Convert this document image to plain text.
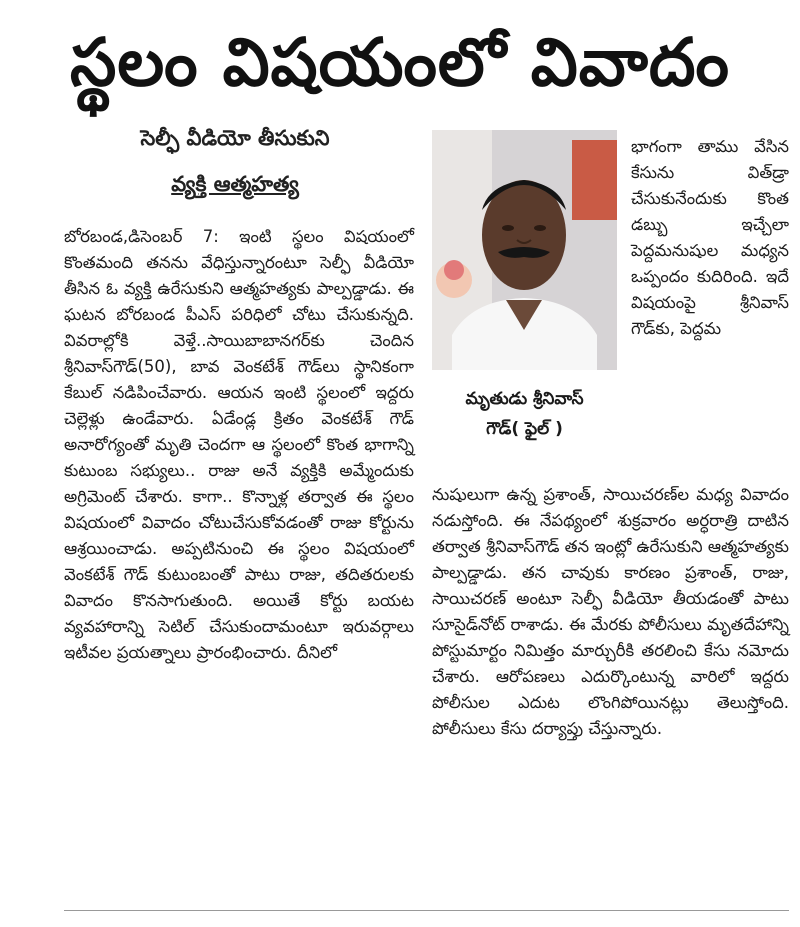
స్థలం విషయంలో వివాదం
సెల్ఫీ వీడియో తీసుకుని
వ్యక్తి ఆత్మహత్య

బోరబండ,డిసెంబర్ 7: ఇంటి స్థలం విషయంలో కొంతమంది తనను వేధిస్తున్నారంటూ సెల్ఫీ వీడియో తీసిన ఓ వ్యక్తి ఉరేసుకుని ఆత్మహత్యకు పాల్పడ్డాడు. ఈ ఘటన బోరబండ పీఎస్ పరిధిలో చోటు చేసుకున్నది. వివరాల్లోకి వెళ్తే..సాయిబాబానగర్‌కు చెందిన శ్రీనివాస్‌గౌడ్(50), బావ వెంకటేశ్ గౌడ్‌లు స్థానికంగా కేబుల్ నడిపించేవారు. ఆయన ఇంటి స్థలంలో ఇద్దరు చెల్లెళ్లు ఉండేవారు. ఏడేండ్ల క్రితం వెంకటేశ్ గౌడ్ అనారోగ్యంతో మృతి చెందగా ఆ స్థలంలో కొంత భాగాన్ని కుటుంబ సభ్యులు.. రాజు అనే వ్యక్తికి అమ్మేందుకు అగ్రిమెంట్ చేశారు. కాగా.. కొన్నాళ్ల తర్వాత ఈ స్థలం విషయంలో వివాదం చోటుచేసుకోవడంతో రాజు కోర్టును ఆశ్రయించాడు. అప్పటినుంచి ఈ స్థలం విషయంలో వెంకటేశ్ గౌడ్ కుటుంబంతో పాటు రాజు, తదితరులకు వివాదం కొనసాగుతుంది. అయితే కోర్టు బయట వ్యవహారాన్ని సెటిల్ చేసుకుందామంటూ ఇరువర్గాలు ఇటీవల ప్రయత్నాలు ప్రారంభించారు. దీనిలో

మృతుడు శ్రీనివాస్
గౌడ్( ఫైల్ )

భాగంగా తాము వేసిన కేసును విత్‌డ్రా చేసుకునేందుకు కొంత డబ్బు ఇచ్చేలా పెద్దమనుషుల మధ్యన ఒప్పందం కుదిరింది. ఇదే విషయంపై శ్రీనివాస్ గౌడ్‌కు, పెద్దమ

నుషులుగా ఉన్న ప్రశాంత్, సాయిచరణ్‌ల మధ్య వివాదం నడుస్తోంది. ఈ నేపథ్యంలో శుక్రవారం అర్ధరాత్రి దాటిన తర్వాత శ్రీనివాస్‌గౌడ్ తన ఇంట్లో ఉరేసుకుని ఆత్మహత్యకు పాల్పడ్డాడు. తన చావుకు కారణం ప్రశాంత్, రాజు, సాయిచరణ్ అంటూ సెల్ఫీ వీడియో తీయడంతో పాటు సూసైడ్‌నోట్ రాశాడు. ఈ మేరకు పోలీసులు మృతదేహాన్ని పోస్టుమార్టం నిమిత్తం మార్చురీకి తరలించి కేసు నమోదు చేశారు. ఆరోపణలు ఎదుర్కొంటున్న వారిలో ఇద్దరు పోలీసుల ఎదుట లొంగిపోయినట్లు తెలుస్తోంది. పోలీసులు కేసు దర్యాప్తు చేస్తున్నారు.
